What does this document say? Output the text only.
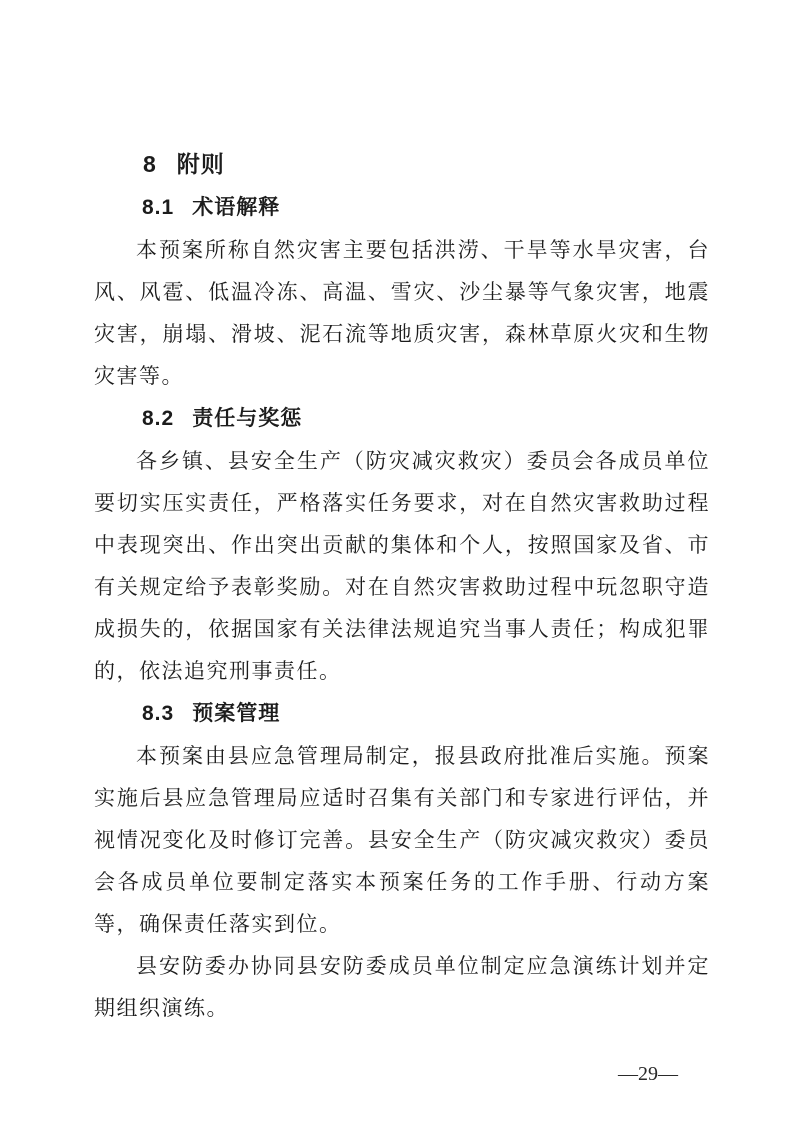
8 附则
8.1 术语解释

本预案所称自然灾害主要包括洪涝、干旱等水旱灾害，台风、风雹、低温冷冻、高温、雪灾、沙尘暴等气象灾害，地震灾害，崩塌、滑坡、泥石流等地质灾害，森林草原火灾和生物灾害等。

8.2 责任与奖惩

各乡镇、县安全生产（防灾减灾救灾）委员会各成员单位要切实压实责任，严格落实任务要求，对在自然灾害救助过程中表现突出、作出突出贡献的集体和个人，按照国家及省、市有关规定给予表彰奖励。对在自然灾害救助过程中玩忽职守造成损失的，依据国家有关法律法规追究当事人责任；构成犯罪的，依法追究刑事责任。

8.3 预案管理

本预案由县应急管理局制定，报县政府批准后实施。预案实施后县应急管理局应适时召集有关部门和专家进行评估，并视情况变化及时修订完善。县安全生产（防灾减灾救灾）委员会各成员单位要制定落实本预案任务的工作手册、行动方案等，确保责任落实到位。

县安防委办协同县安防委成员单位制定应急演练计划并定期组织演练。

—29—
